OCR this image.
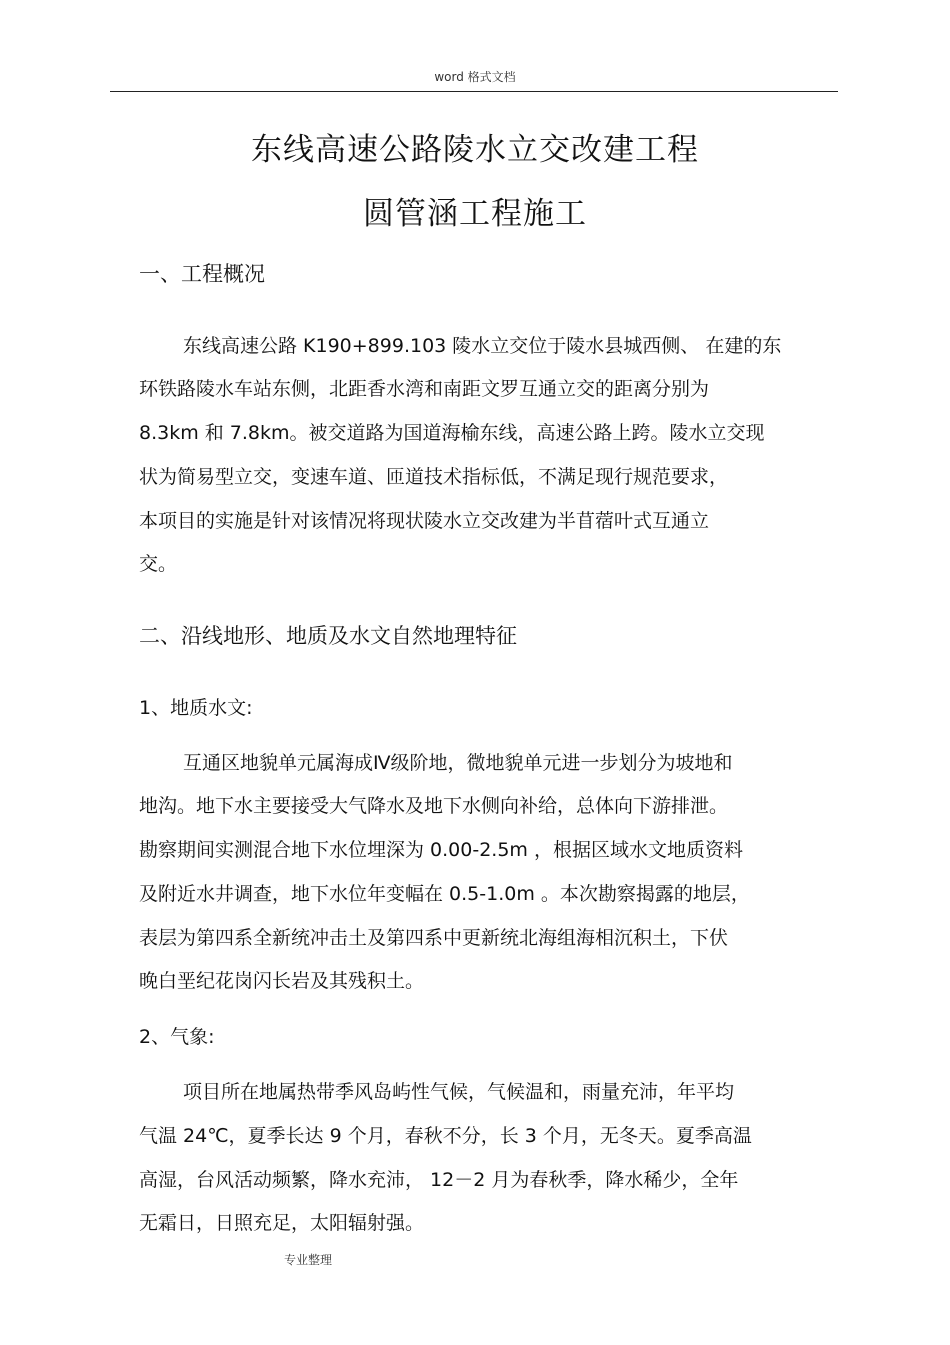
word 格式文档
东线高速公路陵水立交改建工程
圆管涵工程施工
一、工程概况
东线高速公路 K190+899.103 陵水立交位于陵水县城西侧、 在建的东
环铁路陵水车站东侧，北距香水湾和南距文罗互通立交的距离分别为
8.3km 和 7.8km。被交道路为国道海榆东线，高速公路上跨。陵水立交现
状为简易型立交，变速车道、匝道技术指标低，不满足现行规范要求，
本项目的实施是针对该情况将现状陵水立交改建为半苜蓿叶式互通立
交。
二、沿线地形、地质及水文自然地理特征
1、地质水文:
互通区地貌单元属海成Ⅳ级阶地，微地貌单元进一步划分为坡地和
地沟。地下水主要接受大气降水及地下水侧向补给，总体向下游排泄。
勘察期间实测混合地下水位埋深为 0.00-2.5m ，根据区域水文地质资料
及附近水井调查，地下水位年变幅在 0.5-1.0m 。本次勘察揭露的地层，
表层为第四系全新统冲击土及第四系中更新统北海组海相沉积土，下伏
晚白垩纪花岗闪长岩及其残积土。
2、气象:
项目所在地属热带季风岛屿性气候，气候温和，雨量充沛，年平均
气温 24℃，夏季长达 9 个月，春秋不分，长 3 个月，无冬天。夏季高温
高湿，台风活动频繁，降水充沛， 12－2 月为春秋季，降水稀少，全年
无霜日，日照充足，太阳辐射强。
专业整理
